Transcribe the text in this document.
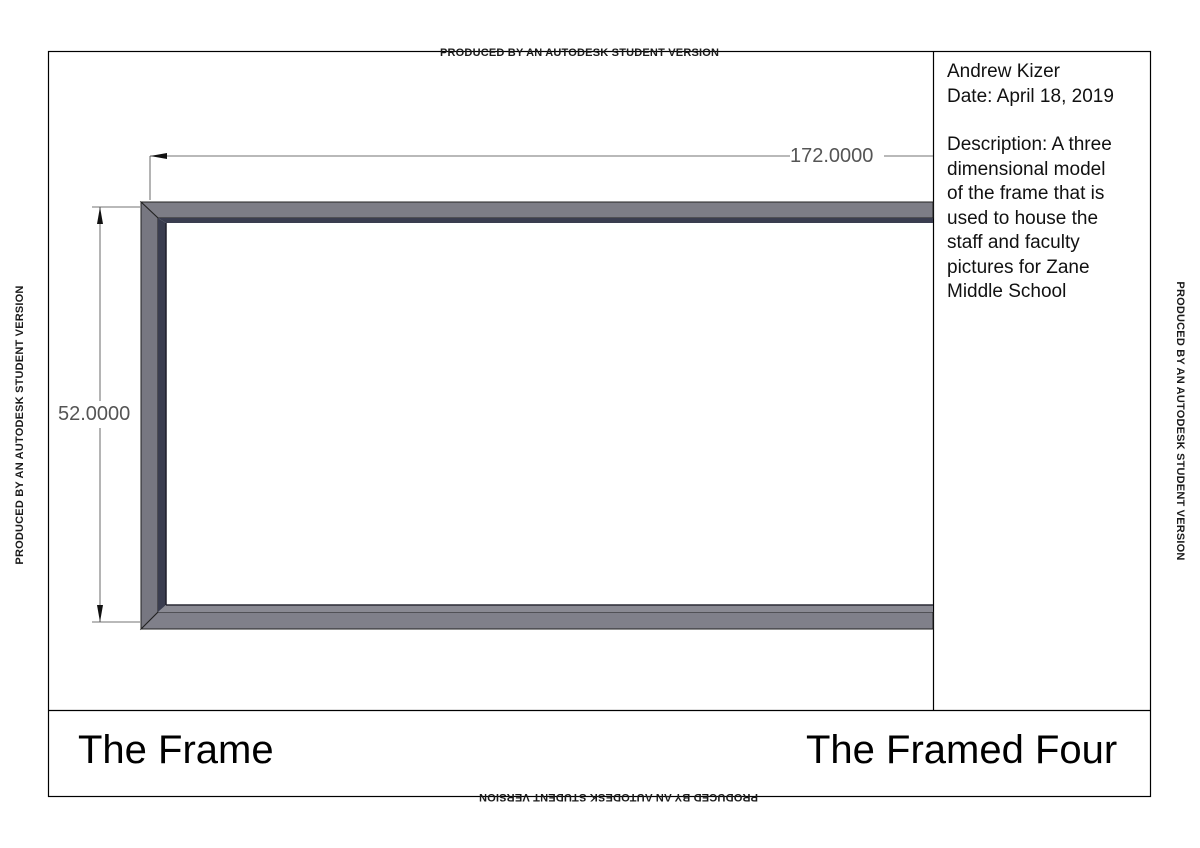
PRODUCED BY AN AUTODESK STUDENT VERSION
PRODUCED BY AN AUTODESK STUDENT VERSION
PRODUCED BY AN AUTODESK STUDENT VERSION	PRODUCED BY AN AUTODESK STUDENT VERSION
172.0000
52.0000
Andrew Kizer
Date: April 18, 2019
Description: A three
dimensional model
of the frame that is
used to house the
staff and faculty
pictures for Zane
Middle School
The Frame	The Framed Four
